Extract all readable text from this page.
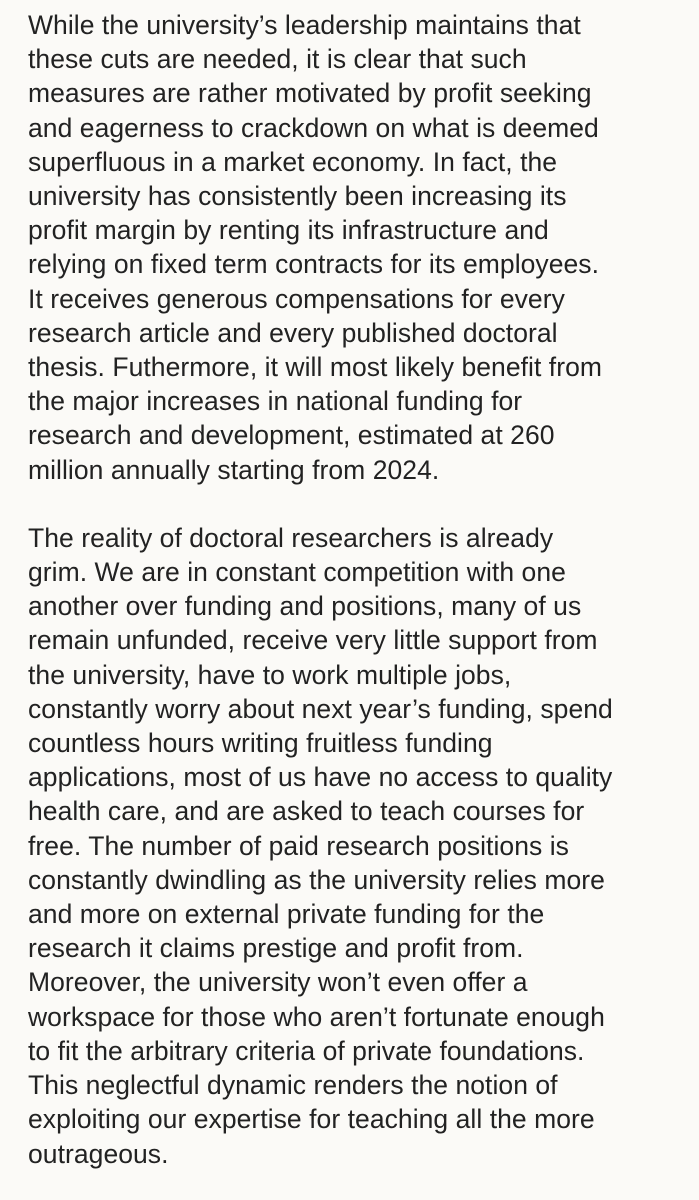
While the university’s leadership maintains that
these cuts are needed, it is clear that such
measures are rather motivated by profit seeking
and eagerness to crackdown on what is deemed
superfluous in a market economy. In fact, the
university has consistently been increasing its
profit margin by renting its infrastructure and
relying on fixed term contracts for its employees.
It receives generous compensations for every
research article and every published doctoral
thesis. Futhermore, it will most likely benefit from
the major increases in national funding for
research and development, estimated at 260
million annually starting from 2024.

The reality of doctoral researchers is already
grim. We are in constant competition with one
another over funding and positions, many of us
remain unfunded, receive very little support from
the university, have to work multiple jobs,
constantly worry about next year’s funding, spend
countless hours writing fruitless funding
applications, most of us have no access to quality
health care, and are asked to teach courses for
free. The number of paid research positions is
constantly dwindling as the university relies more
and more on external private funding for the
research it claims prestige and profit from.
Moreover, the university won’t even offer a
workspace for those who aren’t fortunate enough
to fit the arbitrary criteria of private foundations.
This neglectful dynamic renders the notion of
exploiting our expertise for teaching all the more
outrageous.
